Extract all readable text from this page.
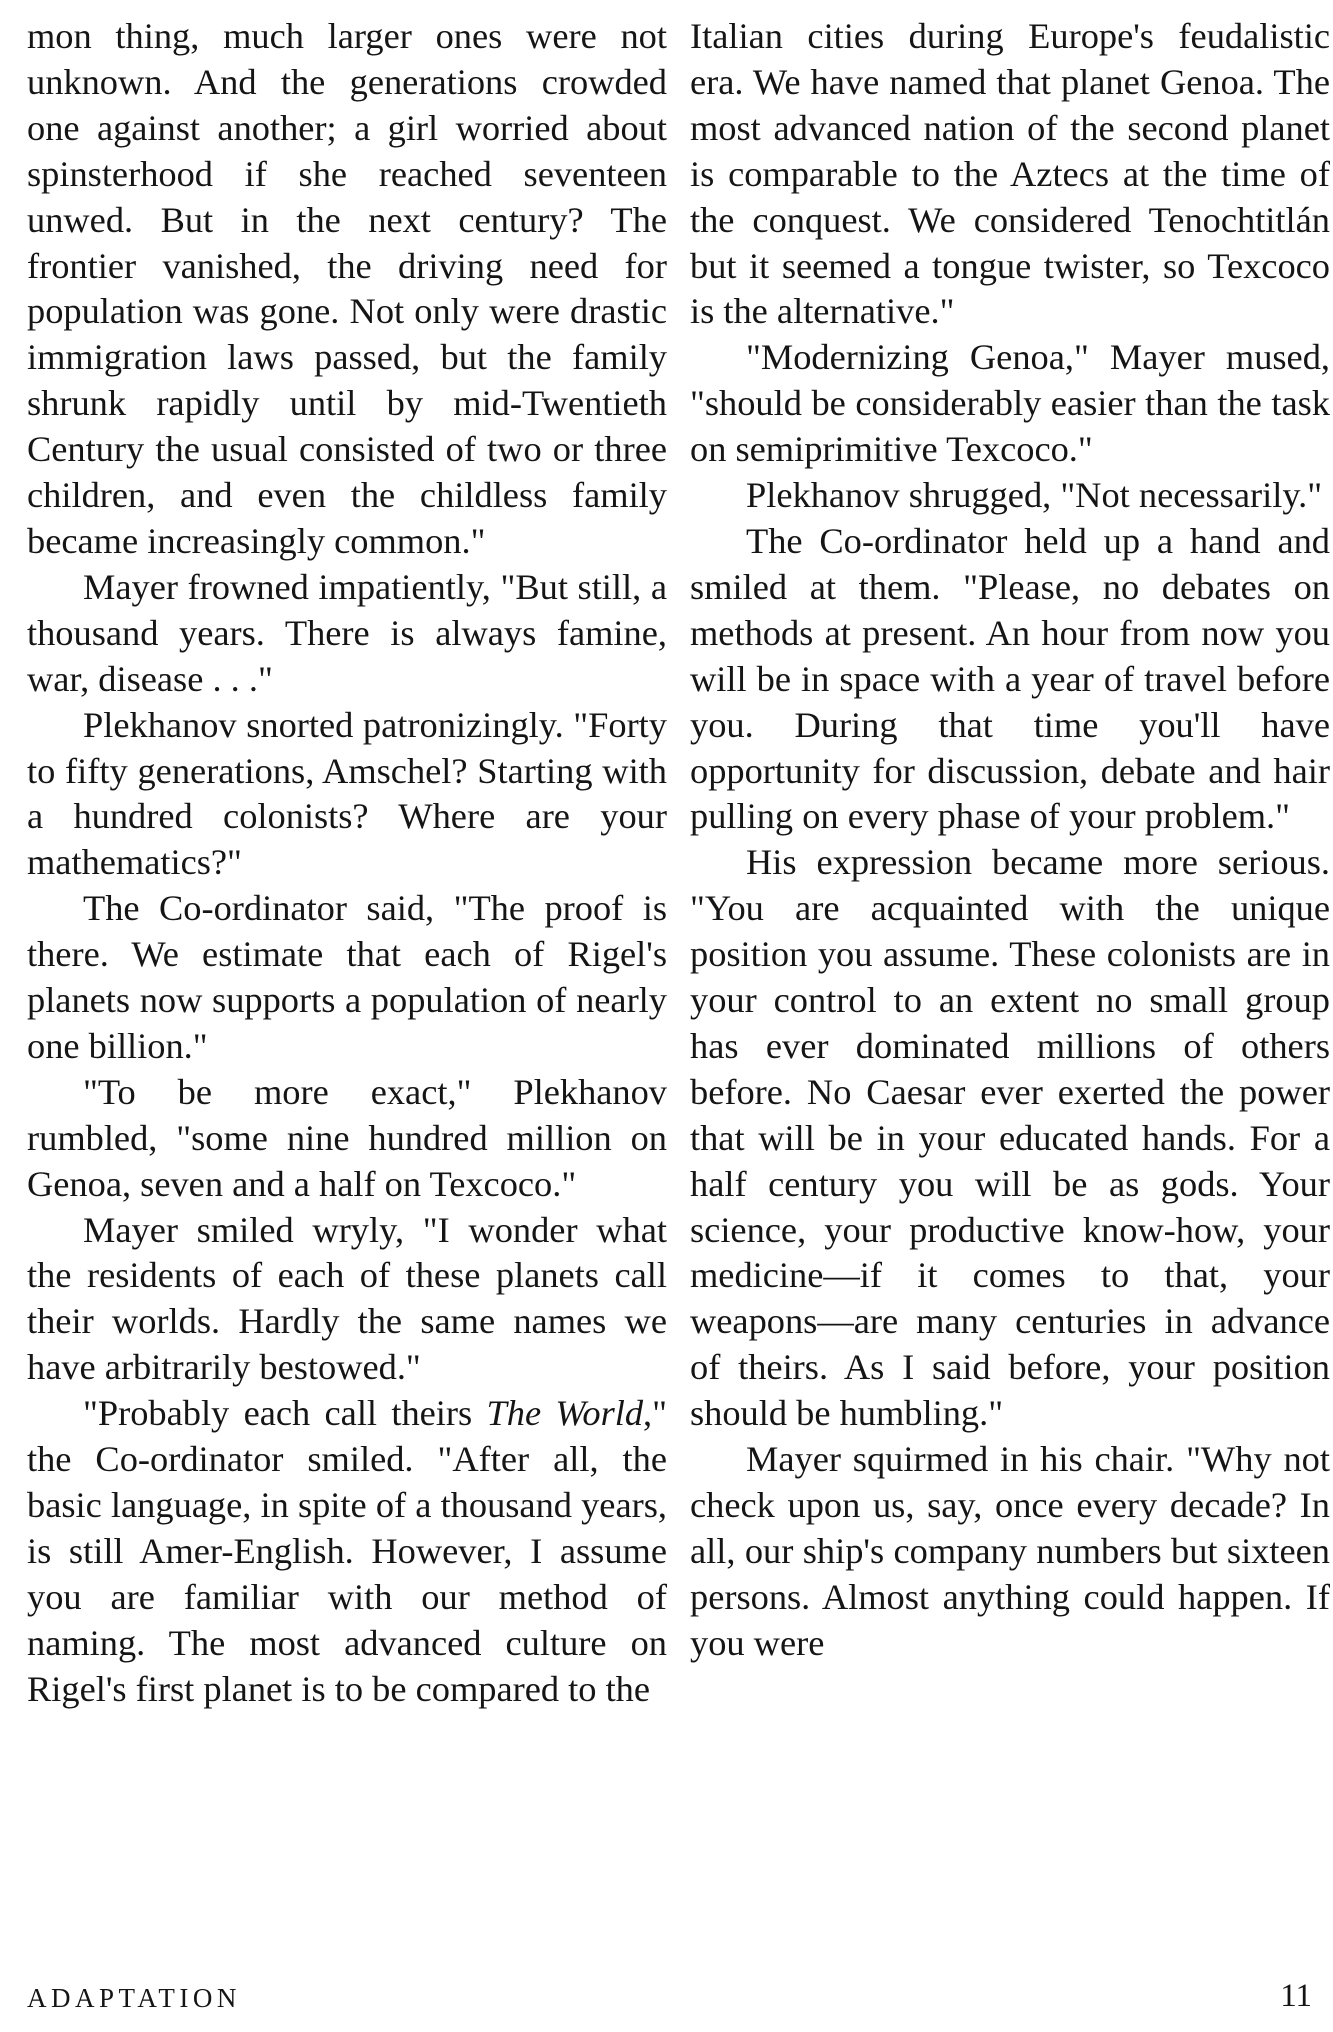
mon thing, much larger ones were not unknown. And the generations crowded one against another; a girl worried about spinsterhood if she reached seventeen unwed. But in the next century? The frontier vanished, the driving need for population was gone. Not only were drastic immigration laws passed, but the family shrunk rapidly until by mid-Twentieth Century the usual consisted of two or three children, and even the childless family became increasingly common."

Mayer frowned impatiently, "But still, a thousand years. There is always famine, war, disease . . ."

Plekhanov snorted patronizingly. "Forty to fifty generations, Amschel? Starting with a hundred colonists? Where are your mathematics?"

The Co-ordinator said, "The proof is there. We estimate that each of Rigel's planets now supports a population of nearly one billion."

"To be more exact," Plekhanov rumbled, "some nine hundred million on Genoa, seven and a half on Texcoco."

Mayer smiled wryly, "I wonder what the residents of each of these planets call their worlds. Hardly the same names we have arbitrarily bestowed."

"Probably each call theirs The World," the Co-ordinator smiled. "After all, the basic language, in spite of a thousand years, is still Amer-English. However, I assume you are familiar with our method of naming. The most advanced culture on Rigel's first planet is to be compared to the

Italian cities during Europe's feudalistic era. We have named that planet Genoa. The most advanced nation of the second planet is comparable to the Aztecs at the time of the conquest. We considered Tenochtitlán but it seemed a tongue twister, so Texcoco is the alternative."

"Modernizing Genoa," Mayer mused, "should be considerably easier than the task on semiprimitive Texcoco."

Plekhanov shrugged, "Not necessarily."

The Co-ordinator held up a hand and smiled at them. "Please, no debates on methods at present. An hour from now you will be in space with a year of travel before you. During that time you'll have opportunity for discussion, debate and hair pulling on every phase of your problem."

His expression became more serious. "You are acquainted with the unique position you assume. These colonists are in your control to an extent no small group has ever dominated millions of others before. No Caesar ever exerted the power that will be in your educated hands. For a half century you will be as gods. Your science, your productive know-how, your medicine—if it comes to that, your weapons—are many centuries in advance of theirs. As I said before, your position should be humbling."

Mayer squirmed in his chair. "Why not check upon us, say, once every decade? In all, our ship's company numbers but sixteen persons. Almost anything could happen. If you were

ADAPTATION	11
